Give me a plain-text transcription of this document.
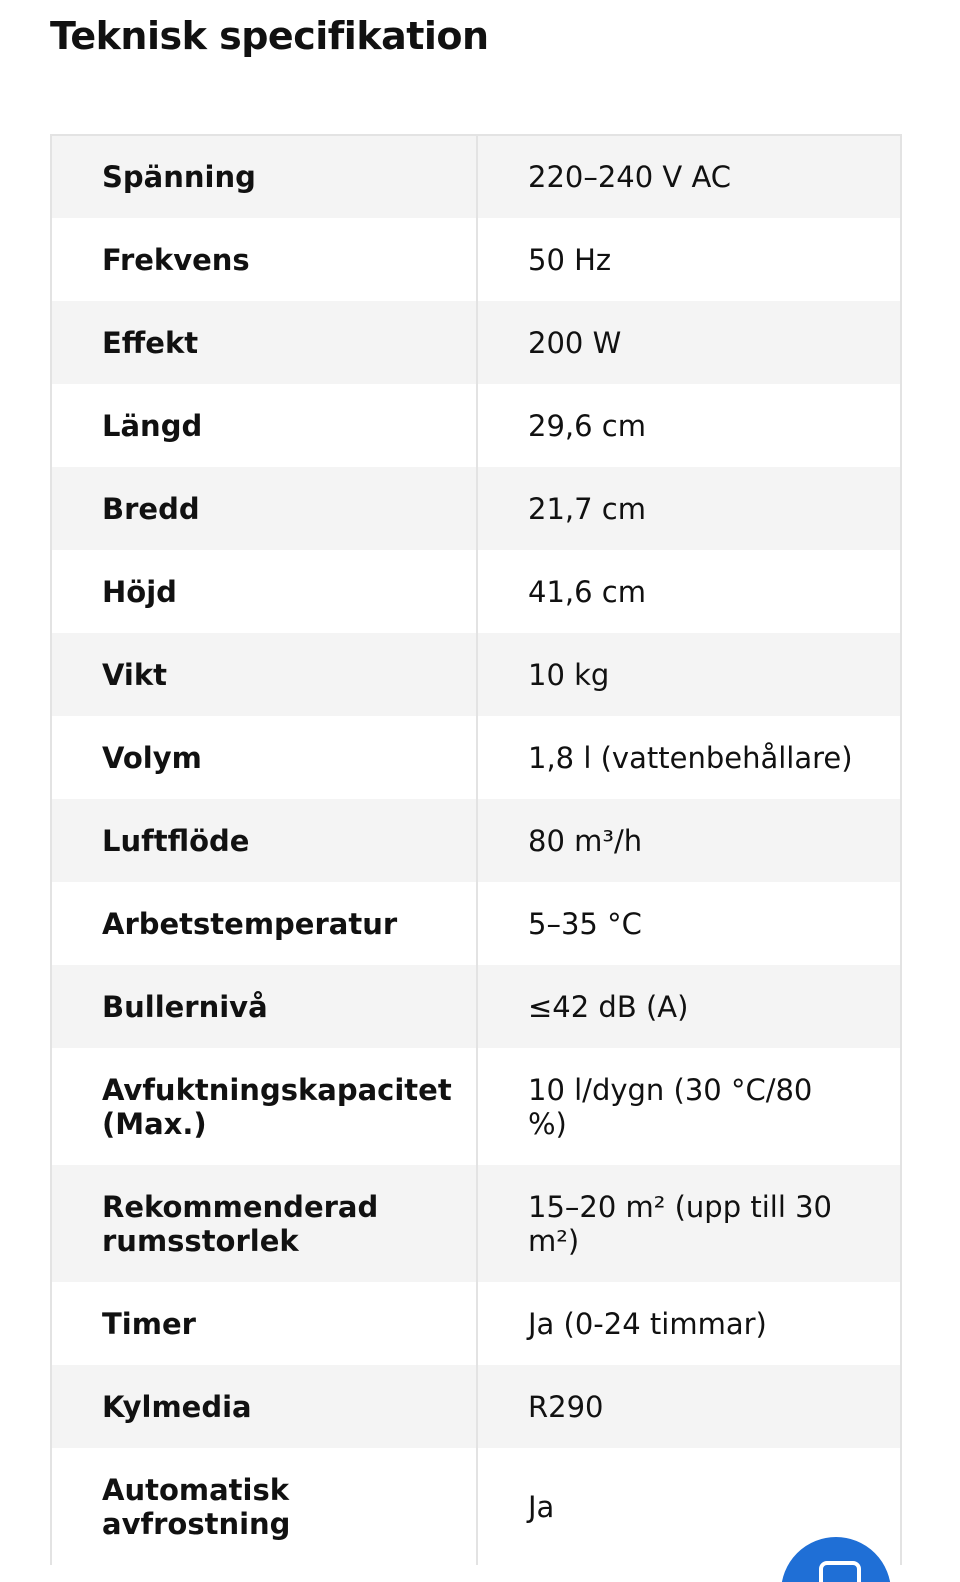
Teknisk specifikation
Spänning	220–240 V AC
Frekvens	50 Hz
Effekt	200 W
Längd	29,6 cm
Bredd	21,7 cm
Höjd	41,6 cm
Vikt	10 kg
Volym	1,8 l (vattenbehållare)
Luftflöde	80 m³/h
Arbetstemperatur	5–35 °C
Bullernivå	≤42 dB (A)
Avfuktningskapacitet (Max.)	10 l/dygn (30 °C/80 %)
Rekommenderad rumsstorlek	15–20 m² (upp till 30 m²)
Timer	Ja (0-24 timmar)
Kylmedia	R290
Automatisk avfrostning	Ja
